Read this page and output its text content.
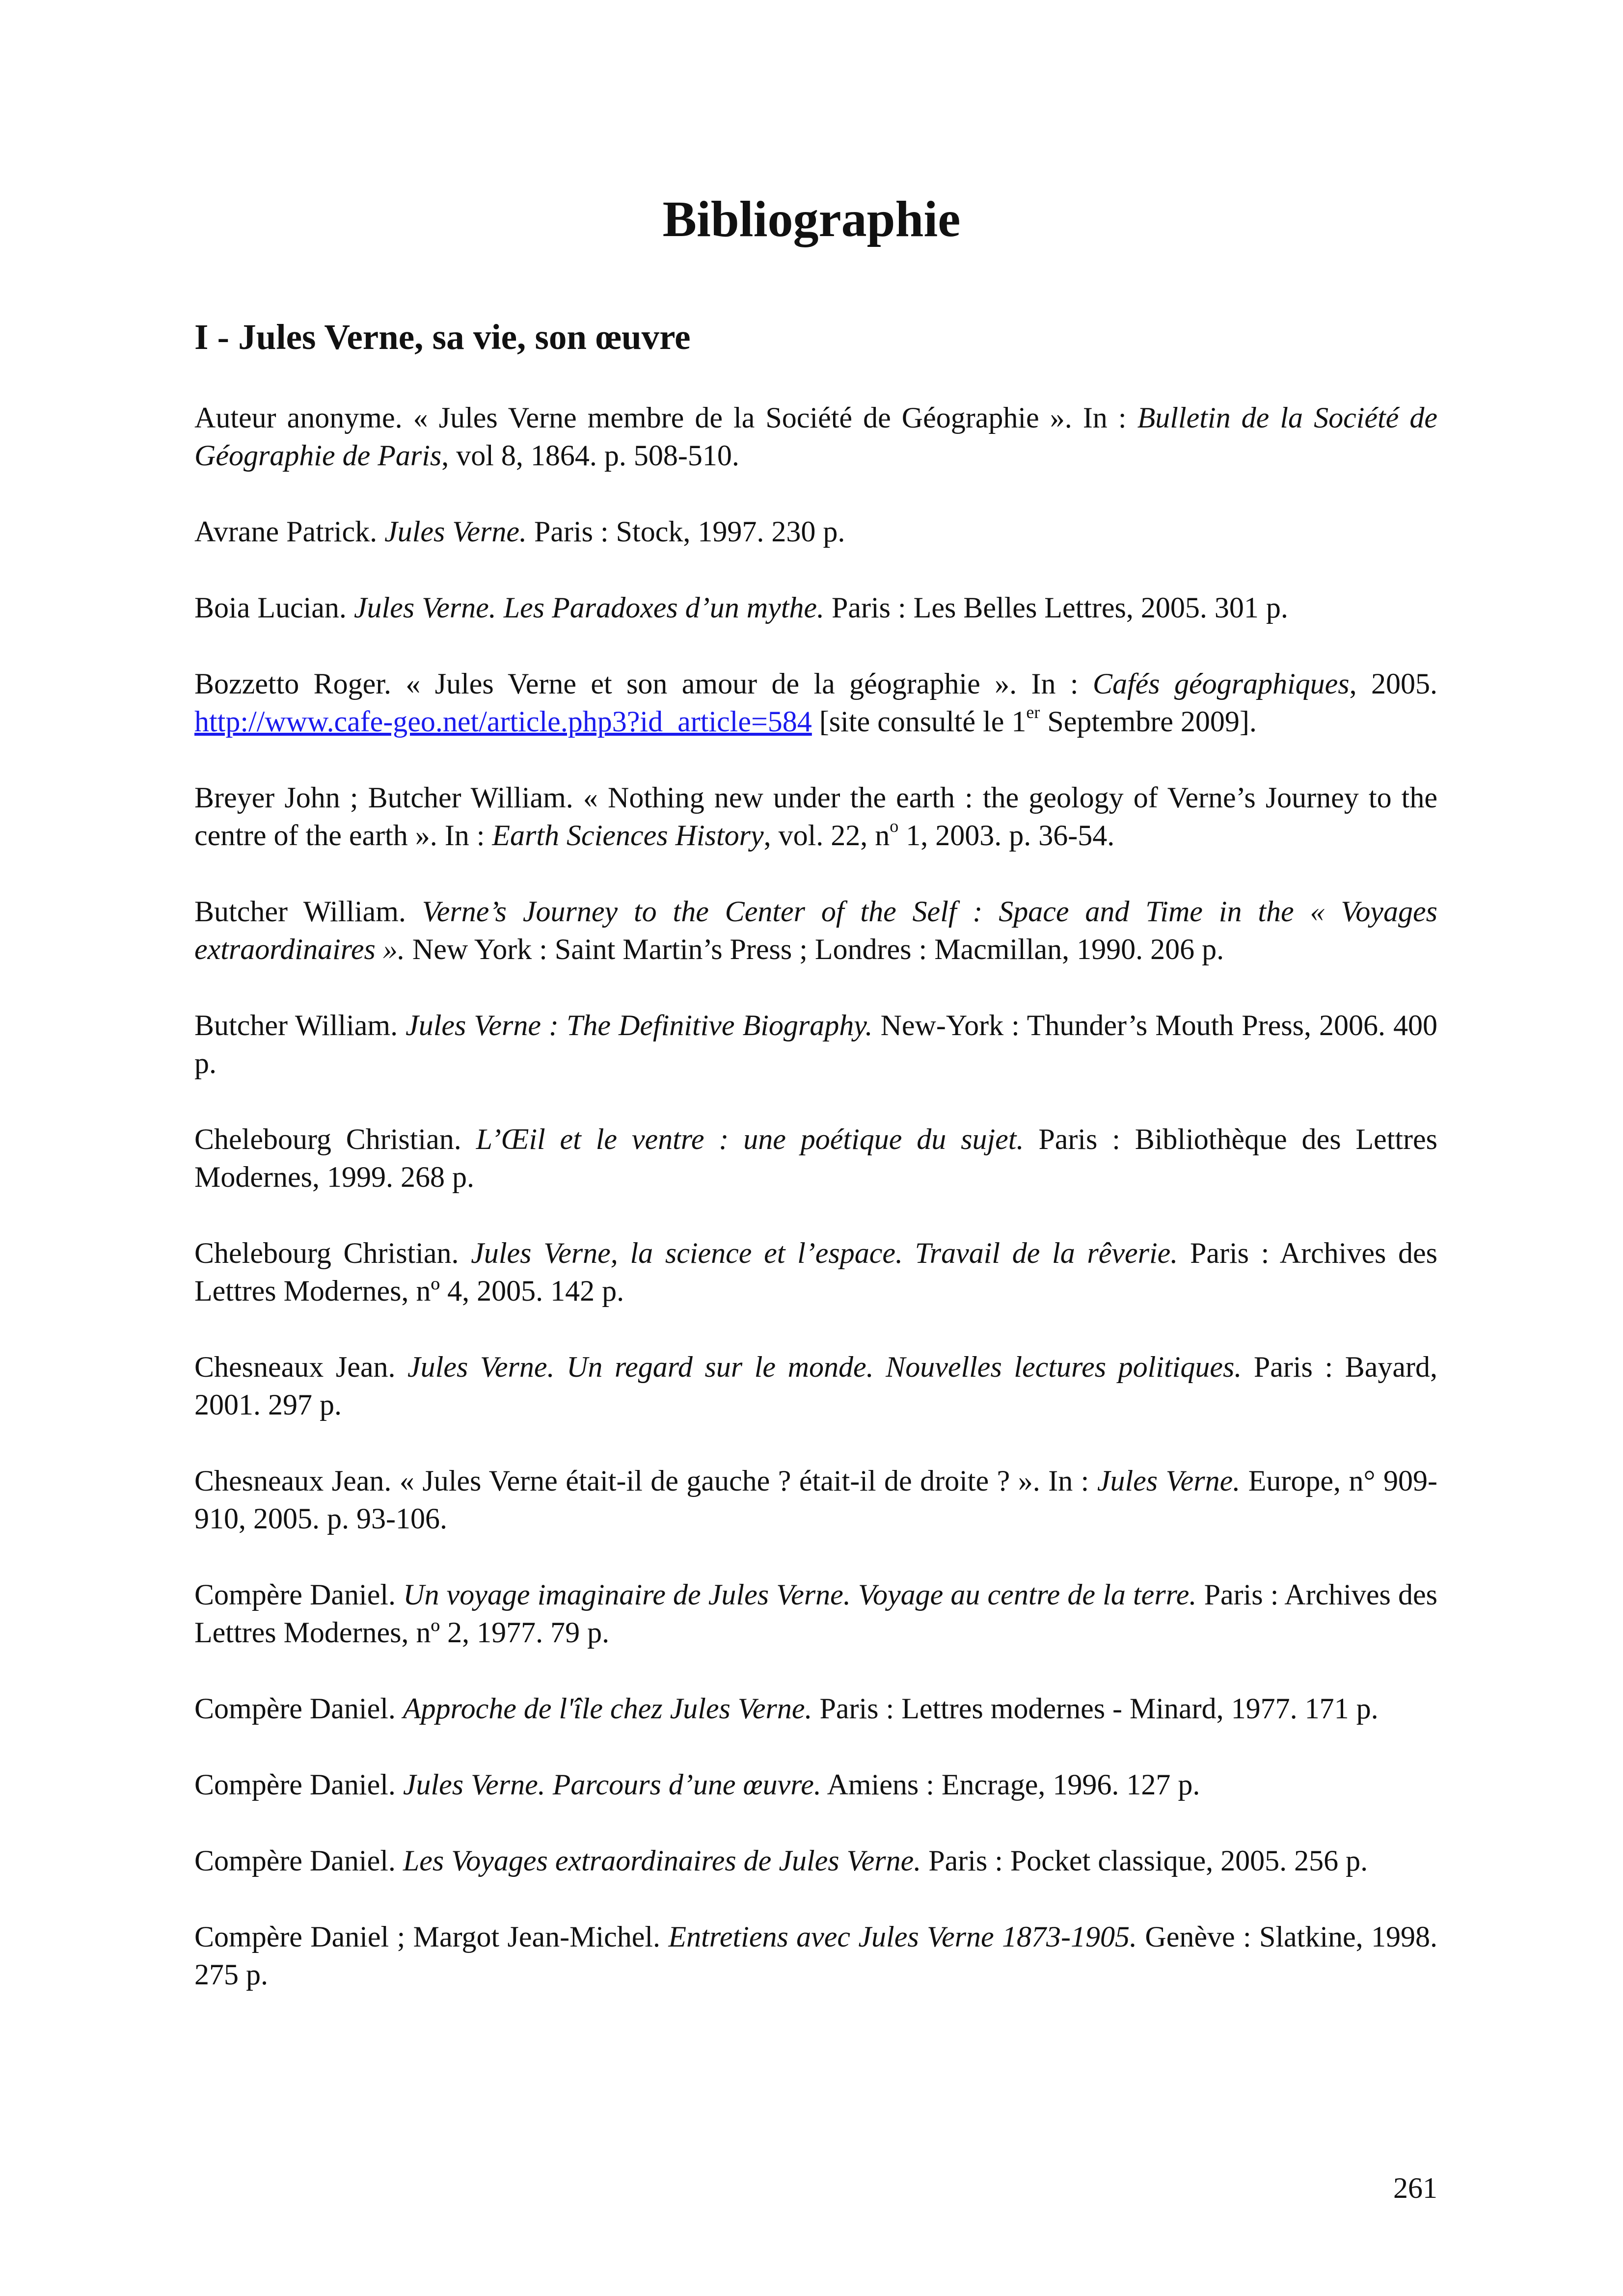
Bibliographie
I - Jules Verne, sa vie, son œuvre

Auteur anonyme. « Jules Verne membre de la Société de Géographie ». In : Bulletin de la Société de Géographie de Paris, vol 8, 1864. p. 508-510.

Avrane Patrick. Jules Verne. Paris : Stock, 1997. 230 p.

Boia Lucian. Jules Verne. Les Paradoxes d’un mythe. Paris : Les Belles Lettres, 2005. 301 p.

Bozzetto Roger. « Jules Verne et son amour de la géographie ». In : Cafés géographiques, 2005. http://www.cafe-geo.net/article.php3?id_article=584 [site consulté le 1er Septembre 2009].

Breyer John ; Butcher William. « Nothing new under the earth : the geology of Verne’s Journey to the centre of the earth ». In : Earth Sciences History, vol. 22, $n^o$ 1, 2003. p. 36-54.

Butcher William. Verne’s Journey to the Center of the Self : Space and Time in the « Voyages extraordinaires ». New York : Saint Martin’s Press ; Londres : Macmillan, 1990. 206 p.

Butcher William. Jules Verne : The Definitive Biography. New-York : Thunder’s Mouth Press, 2006. 400 p.

Chelebourg Christian. L’Œil et le ventre : une poétique du sujet. Paris : Bibliothèque des Lettres Modernes, 1999. 268 p.

Chelebourg Christian. Jules Verne, la science et l’espace. Travail de la rêverie. Paris : Archives des Lettres Modernes, nº 4, 2005. 142 p.

Chesneaux Jean. Jules Verne. Un regard sur le monde. Nouvelles lectures politiques. Paris : Bayard, 2001. 297 p.

Chesneaux Jean. « Jules Verne était-il de gauche ? était-il de droite ? ». In : Jules Verne. Europe, n° 909-910, 2005. p. 93-106.

Compère Daniel. Un voyage imaginaire de Jules Verne. Voyage au centre de la terre. Paris : Archives des Lettres Modernes, nº 2, 1977. 79 p.

Compère Daniel. Approche de l'île chez Jules Verne. Paris : Lettres modernes - Minard, 1977. 171 p.

Compère Daniel. Jules Verne. Parcours d’une œuvre. Amiens : Encrage, 1996. 127 p.

Compère Daniel. Les Voyages extraordinaires de Jules Verne. Paris : Pocket classique, 2005. 256 p.

Compère Daniel ; Margot Jean-Michel. Entretiens avec Jules Verne 1873-1905. Genève : Slatkine, 1998. 275 p.

261
